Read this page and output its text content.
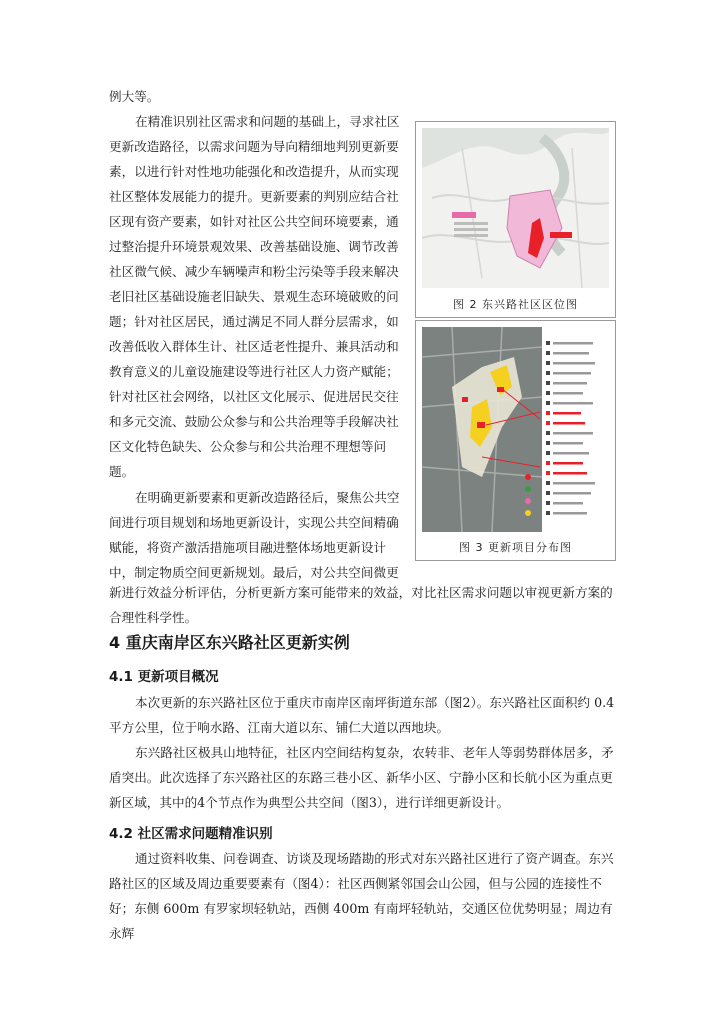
例大等。

在精准识别社区需求和问题的基础上，寻求社区更新改造路径，以需求问题为导向精细地判别更新要素，以进行针对性地功能强化和改造提升，从而实现社区整体发展能力的提升。更新要素的判别应结合社区现有资产要素，如针对社区公共空间环境要素，通过整治提升环境景观效果、改善基础设施、调节改善社区微气候、减少车辆噪声和粉尘污染等手段来解决老旧社区基础设施老旧缺失、景观生态环境破败的问题；针对社区居民，通过满足不同人群分层需求，如改善低收入群体生计、社区适老性提升、兼具活动和教育意义的儿童设施建设等进行社区人力资产赋能；针对社区社会网络，以社区文化展示、促进居民交往和多元交流、鼓励公众参与和公共治理等手段解决社区文化特色缺失、公众参与和公共治理不理想等问题。

在明确更新要素和更新改造路径后，聚焦公共空间进行项目规划和场地更新设计，实现公共空间精确赋能，将资产激活措施项目融进整体场地更新设计中，制定物质空间更新规划。最后，对公共空间微更

新进行效益分析评估，分析更新方案可能带来的效益，对比社区需求问题以审视更新方案的合理性科学性。

图 2 东兴路社区区位图
图 3 更新项目分布图
4 重庆南岸区东兴路社区更新实例
4.1 更新项目概况

本次更新的东兴路社区位于重庆市南岸区南坪街道东部（图2）。东兴路社区面积约 0.4 平方公里，位于响水路、江南大道以东、铺仁大道以西地块。

东兴路社区极具山地特征，社区内空间结构复杂，农转非、老年人等弱势群体居多，矛盾突出。此次选择了东兴路社区的东路三巷小区、新华小区、宁静小区和长航小区为重点更新区域，其中的4个节点作为典型公共空间（图3），进行详细更新设计。

4.2 社区需求问题精准识别

通过资料收集、问卷调查、访谈及现场踏勘的形式对东兴路社区进行了资产调查。东兴路社区的区域及周边重要要素有（图4）：社区西侧紧邻国会山公园，但与公园的连接性不好；东侧 600m 有罗家坝轻轨站，西侧 400m 有南坪轻轨站，交通区位优势明显；周边有永辉
